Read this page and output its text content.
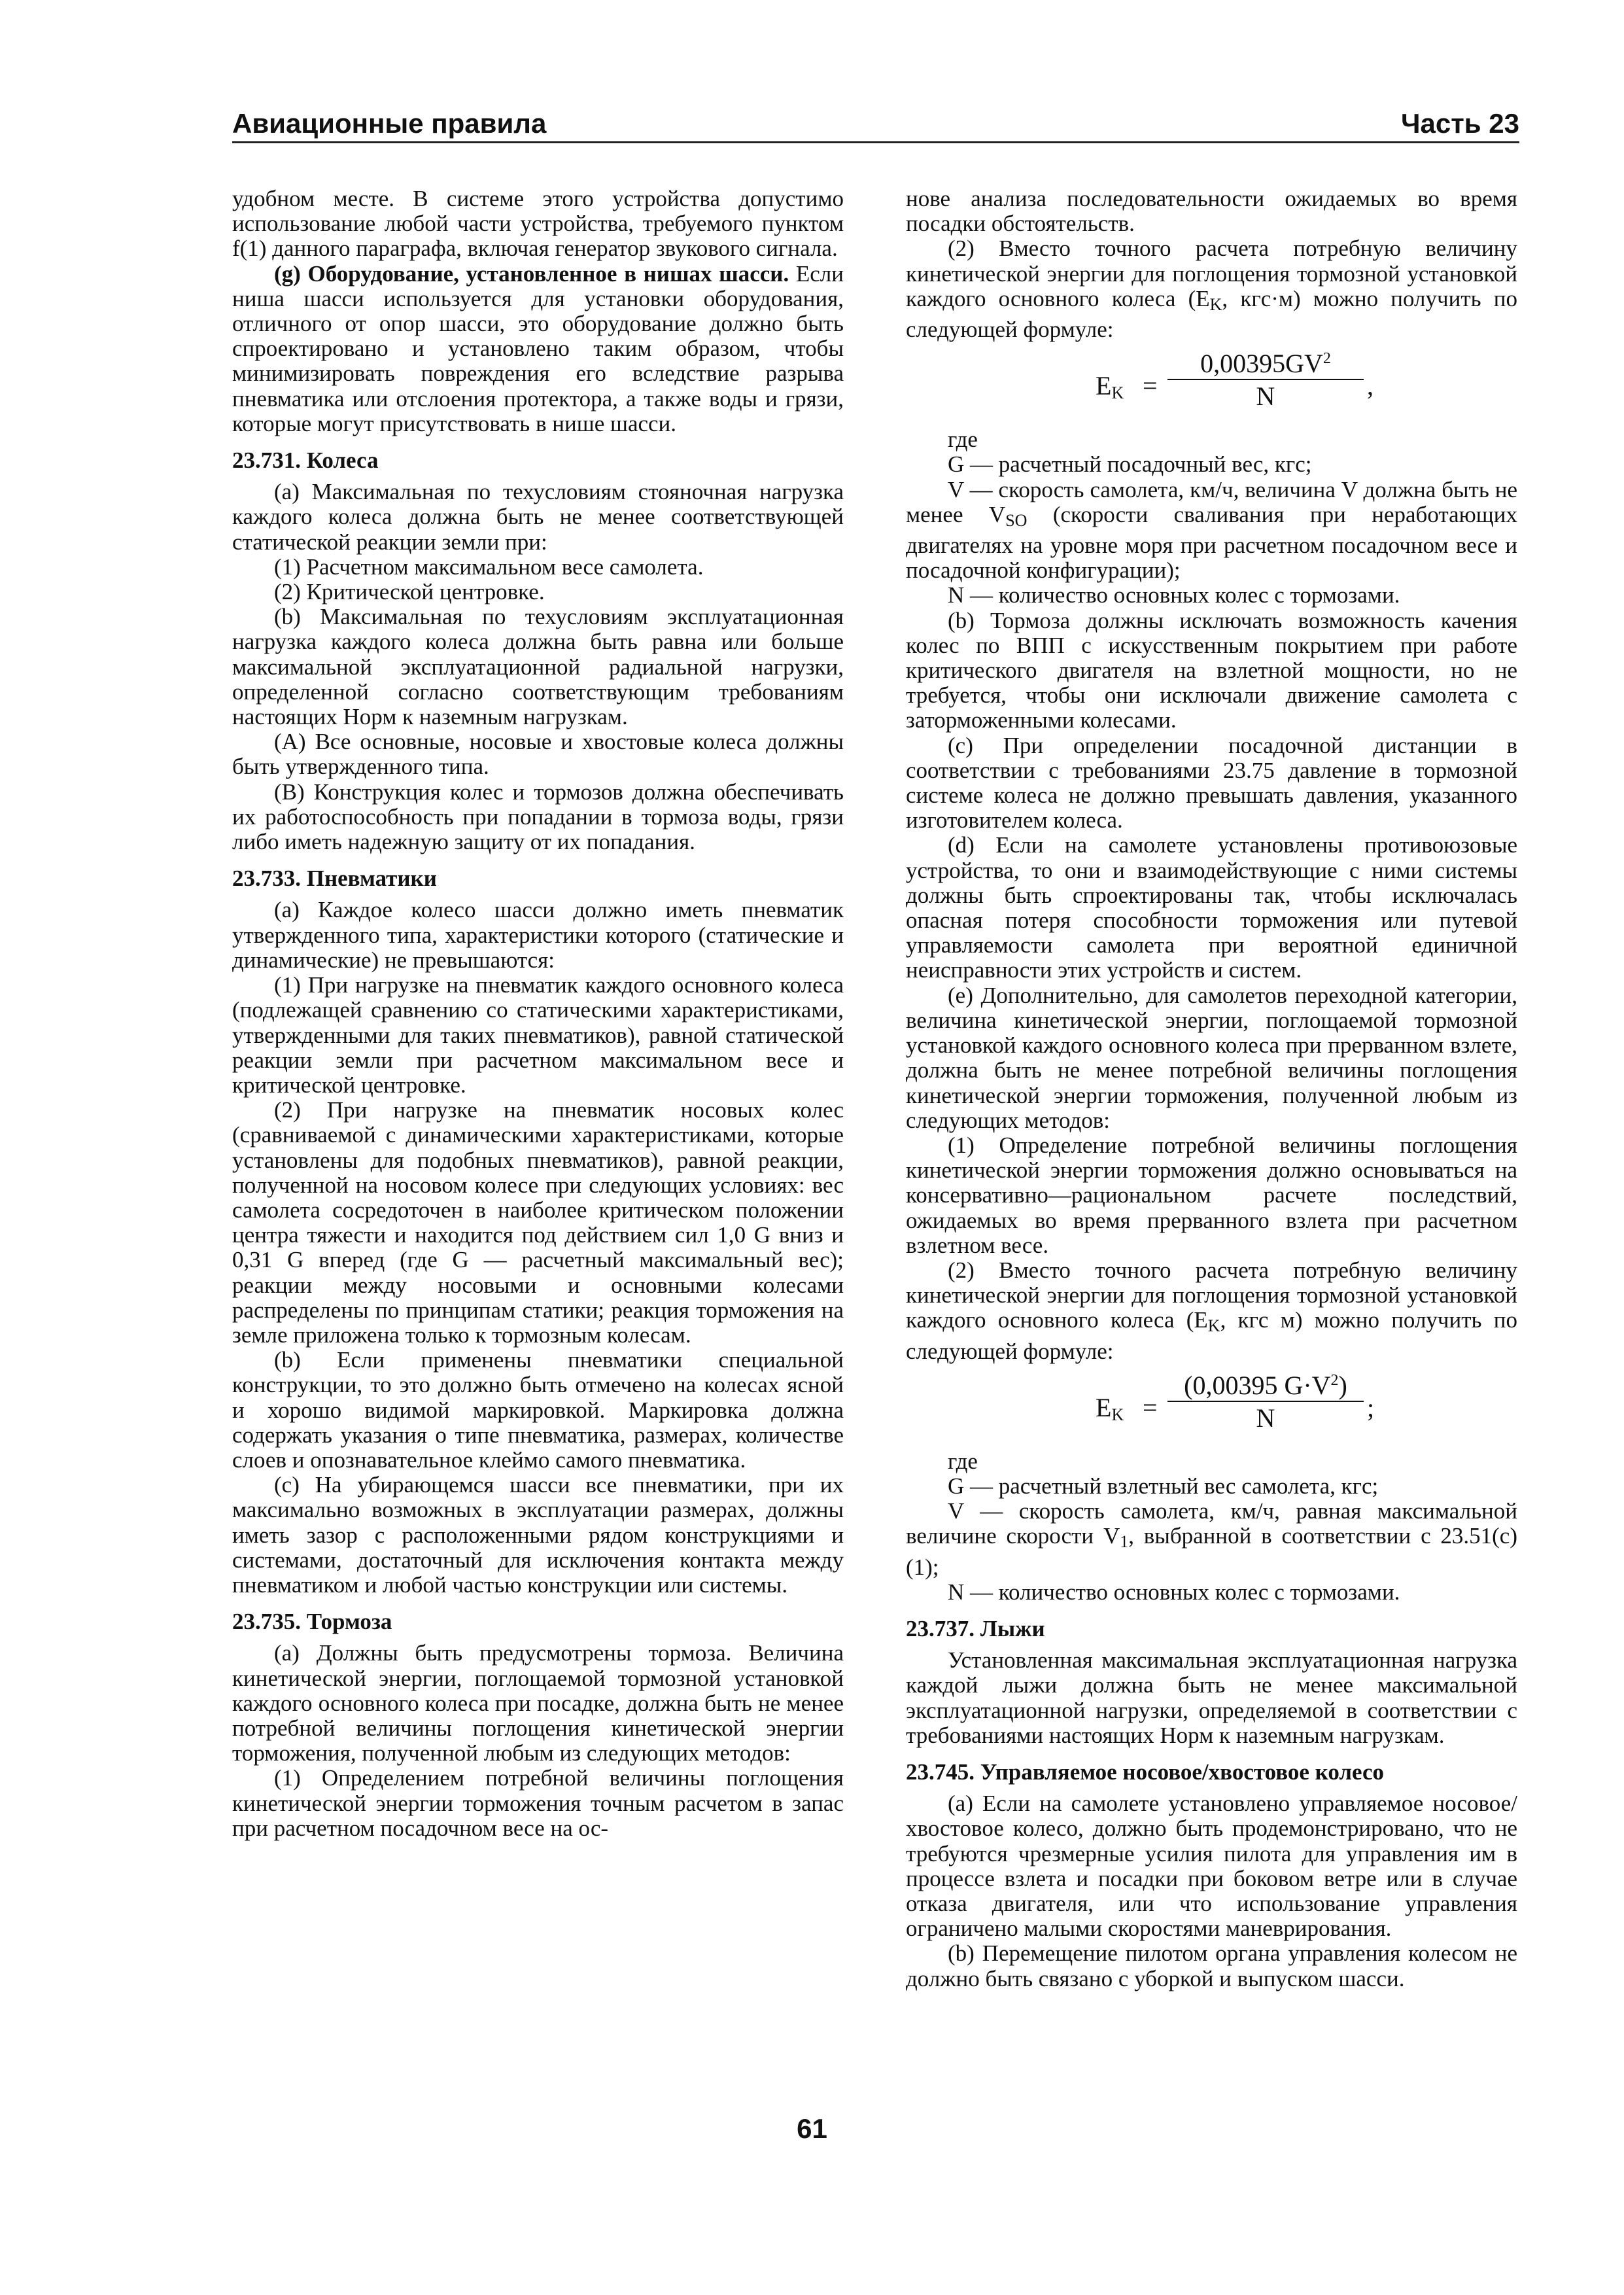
Авиационные правила	Часть 23

удобном месте. В системе этого устройства допустимо использование любой части устройства, требуемого пунктом f(1) данного параграфа, включая генератор звукового сигнала.

(g) Оборудование, установленное в нишах шасси. Если ниша шасси используется для установки оборудования, отличного от опор шасси, это оборудование должно быть спроектировано и установлено таким образом, чтобы минимизировать повреждения его вследствие разрыва пневматика или отслоения протектора, а также воды и грязи, которые могут присутствовать в нише шасси.

23.731. Колеса

(a) Максимальная по техусловиям стояночная нагрузка каждого колеса должна быть не менее соответствующей статической реакции земли при:

(1) Расчетном максимальном весе самолета.

(2) Критической центровке.

(b) Максимальная по техусловиям эксплуатационная нагрузка каждого колеса должна быть равна или больше максимальной эксплуатационной радиальной нагрузки, определенной согласно соответствующим требованиям настоящих Норм к наземным нагрузкам.

(A) Все основные, носовые и хвостовые колеса должны быть утвержденного типа.

(B) Конструкция колес и тормозов должна обеспечивать их работоспособность при попадании в тормоза воды, грязи либо иметь надежную защиту от их попадания.

23.733. Пневматики

(a) Каждое колесо шасси должно иметь пневматик утвержденного типа, характеристики которого (статические и динамические) не превышаются:

(1) При нагрузке на пневматик каждого основного колеса (подлежащей сравнению со статическими характеристиками, утвержденными для таких пневматиков), равной статической реакции земли при расчетном максимальном весе и критической центровке.

(2) При нагрузке на пневматик носовых колес (сравниваемой с динамическими характеристиками, которые установлены для подобных пневматиков), равной реакции, полученной на носовом колесе при следующих условиях: вес самолета сосредоточен в наиболее критическом положении центра тяжести и находится под действием сил 1,0 G вниз и 0,31 G вперед (где G — расчетный максимальный вес); реакции между носовыми и основными колесами распределены по принципам статики; реакция торможения на земле приложена только к тормозным колесам.

(b) Если применены пневматики специальной конструкции, то это должно быть отмечено на колесах ясной и хорошо видимой маркировкой. Маркировка должна содержать указания о типе пневматика, размерах, количестве слоев и опознавательное клеймо самого пневматика.

(c) На убирающемся шасси все пневматики, при их максимально возможных в эксплуатации размерах, должны иметь зазор с расположенными рядом конструкциями и системами, достаточный для исключения контакта между пневматиком и любой частью конструкции или системы.

23.735. Тормоза

(a) Должны быть предусмотрены тормоза. Величина кинетической энергии, поглощаемой тормозной установкой каждого основного колеса при посадке, должна быть не менее потребной величины поглощения кинетической энергии торможения, полученной любым из следующих методов:

(1) Определением потребной величины поглощения кинетической энергии торможения точным расчетом в запас при расчетном посадочном весе на ос-

нове анализа последовательности ожидаемых во время посадки обстоятельств.

(2) Вместо точного расчета потребную величину кинетической энергии для поглощения тормозной установкой каждого основного колеса ($E_K$, кгс·м) можно получить по следующей формуле:

$E_K = \frac{0,00395GV^2}{N}$ ,

где

G — расчетный посадочный вес, кгс;

V — скорость самолета, км/ч, величина V должна быть не менее $V_{SO}$ (скорости сваливания при неработающих двигателях на уровне моря при расчетном посадочном весе и посадочной конфигурации);

N — количество основных колес с тормозами.

(b) Тормоза должны исключать возможность качения колес по ВПП с искусственным покрытием при работе критического двигателя на взлетной мощности, но не требуется, чтобы они исключали движение самолета с заторможенными колесами.

(c) При определении посадочной дистанции в соответствии с требованиями 23.75 давление в тормозной системе колеса не должно превышать давления, указанного изготовителем колеса.

(d) Если на самолете установлены противоюзовые устройства, то они и взаимодействующие с ними системы должны быть спроектированы так, чтобы исключалась опасная потеря способности торможения или путевой управляемости самолета при вероятной единичной неисправности этих устройств и систем.

(e) Дополнительно, для самолетов переходной категории, величина кинетической энергии, поглощаемой тормозной установкой каждого основного колеса при прерванном взлете, должна быть не менее потребной величины поглощения кинетической энергии торможения, полученной любым из следующих методов:

(1) Определение потребной величины поглощения кинетической энергии торможения должно основываться на консервативно—рациональном расчете последствий, ожидаемых во время прерванного взлета при расчетном взлетном весе.

(2) Вместо точного расчета потребную величину кинетической энергии для поглощения тормозной установкой каждого основного колеса ($E_K$, кгс м) можно получить по следующей формуле:

$E_K = \frac{(0,00395 G\cdot V^2)}{N}$ ;

где

G — расчетный взлетный вес самолета, кгс;

V — скорость самолета, км/ч, равная максимальной величине скорости $V_1$, выбранной в соответствии с 23.51(c)(1);

N — количество основных колес с тормозами.

23.737. Лыжи

Установленная максимальная эксплуатационная нагрузка каждой лыжи должна быть не менее максимальной эксплуатационной нагрузки, определяемой в соответствии с требованиями настоящих Норм к наземным нагрузкам.

23.745. Управляемое носовое/хвостовое колесо

(a) Если на самолете установлено управляемое носовое/хвостовое колесо, должно быть продемонстрировано, что не требуются чрезмерные усилия пилота для управления им в процессе взлета и посадки при боковом ветре или в случае отказа двигателя, или что использование управления ограничено малыми скоростями маневрирования.

(b) Перемещение пилотом органа управления колесом не должно быть связано с уборкой и выпуском шасси.

61
